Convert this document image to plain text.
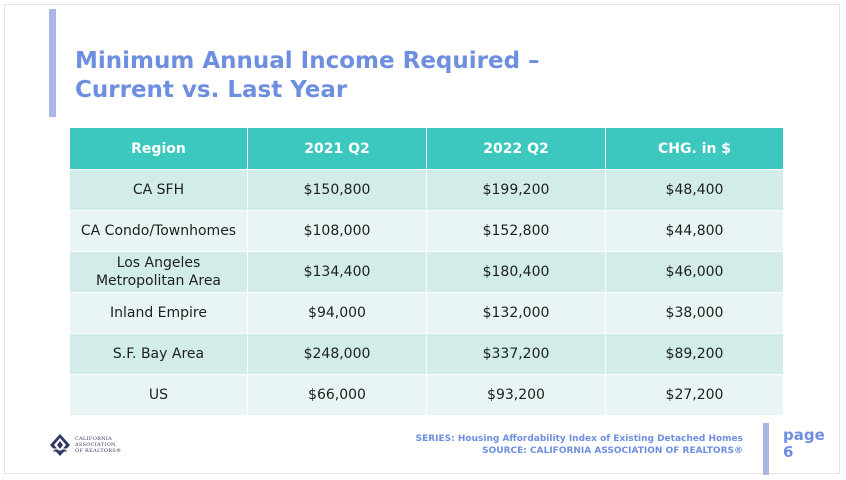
Minimum Annual Income Required –
Current vs. Last Year
Region	2021 Q2	2022 Q2	CHG. in $
CA SFH	$150,800	$199,200	$48,400
CA Condo/Townhomes	$108,000	$152,800	$44,800
Los Angeles Metropolitan Area	$134,400	$180,400	$46,000
Inland Empire	$94,000	$132,000	$38,000
S.F. Bay Area	$248,000	$337,200	$89,200
US	$66,000	$93,200	$27,200
CALIFORNIA
ASSOCIATION
OF REALTORS®
SERIES: Housing Affordability Index of Existing Detached Homes
SOURCE: CALIFORNIA ASSOCIATION OF REALTORS®
page
6
